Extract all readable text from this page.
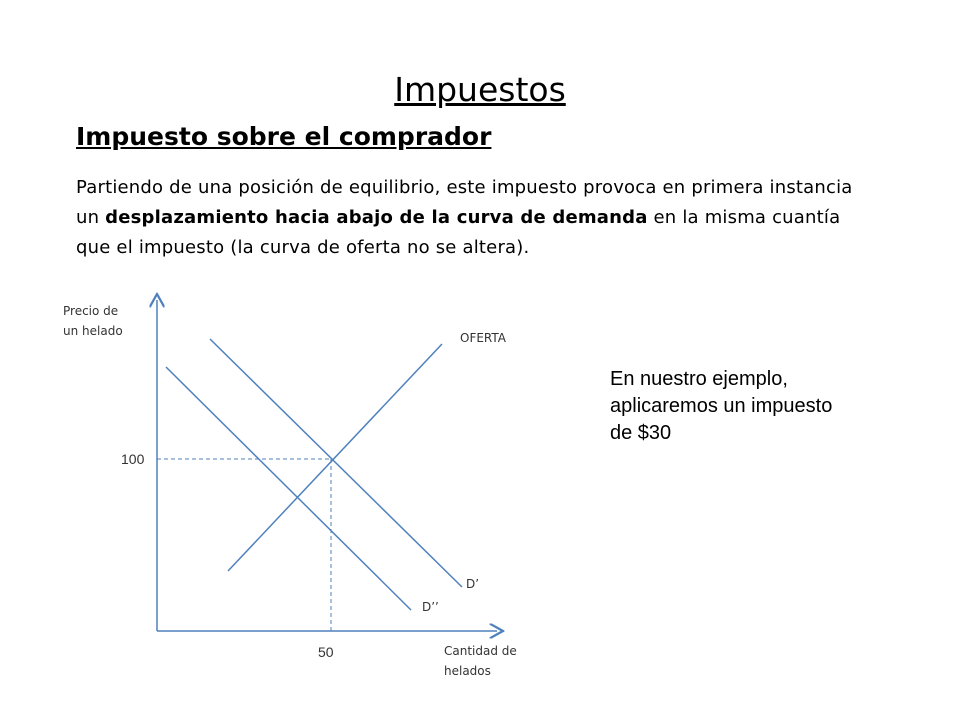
Impuestos
Impuesto sobre el comprador
Partiendo de una posición de equilibrio, este impuesto provoca en primera instancia un desplazamiento hacia abajo de la curva de demanda en la misma cuantía que el impuesto (la curva de oferta no se altera).
Precio de
un helado	OFERTA
100
D’
D’’
50	Cantidad de
helados
En nuestro ejemplo, aplicaremos un impuesto de $30
